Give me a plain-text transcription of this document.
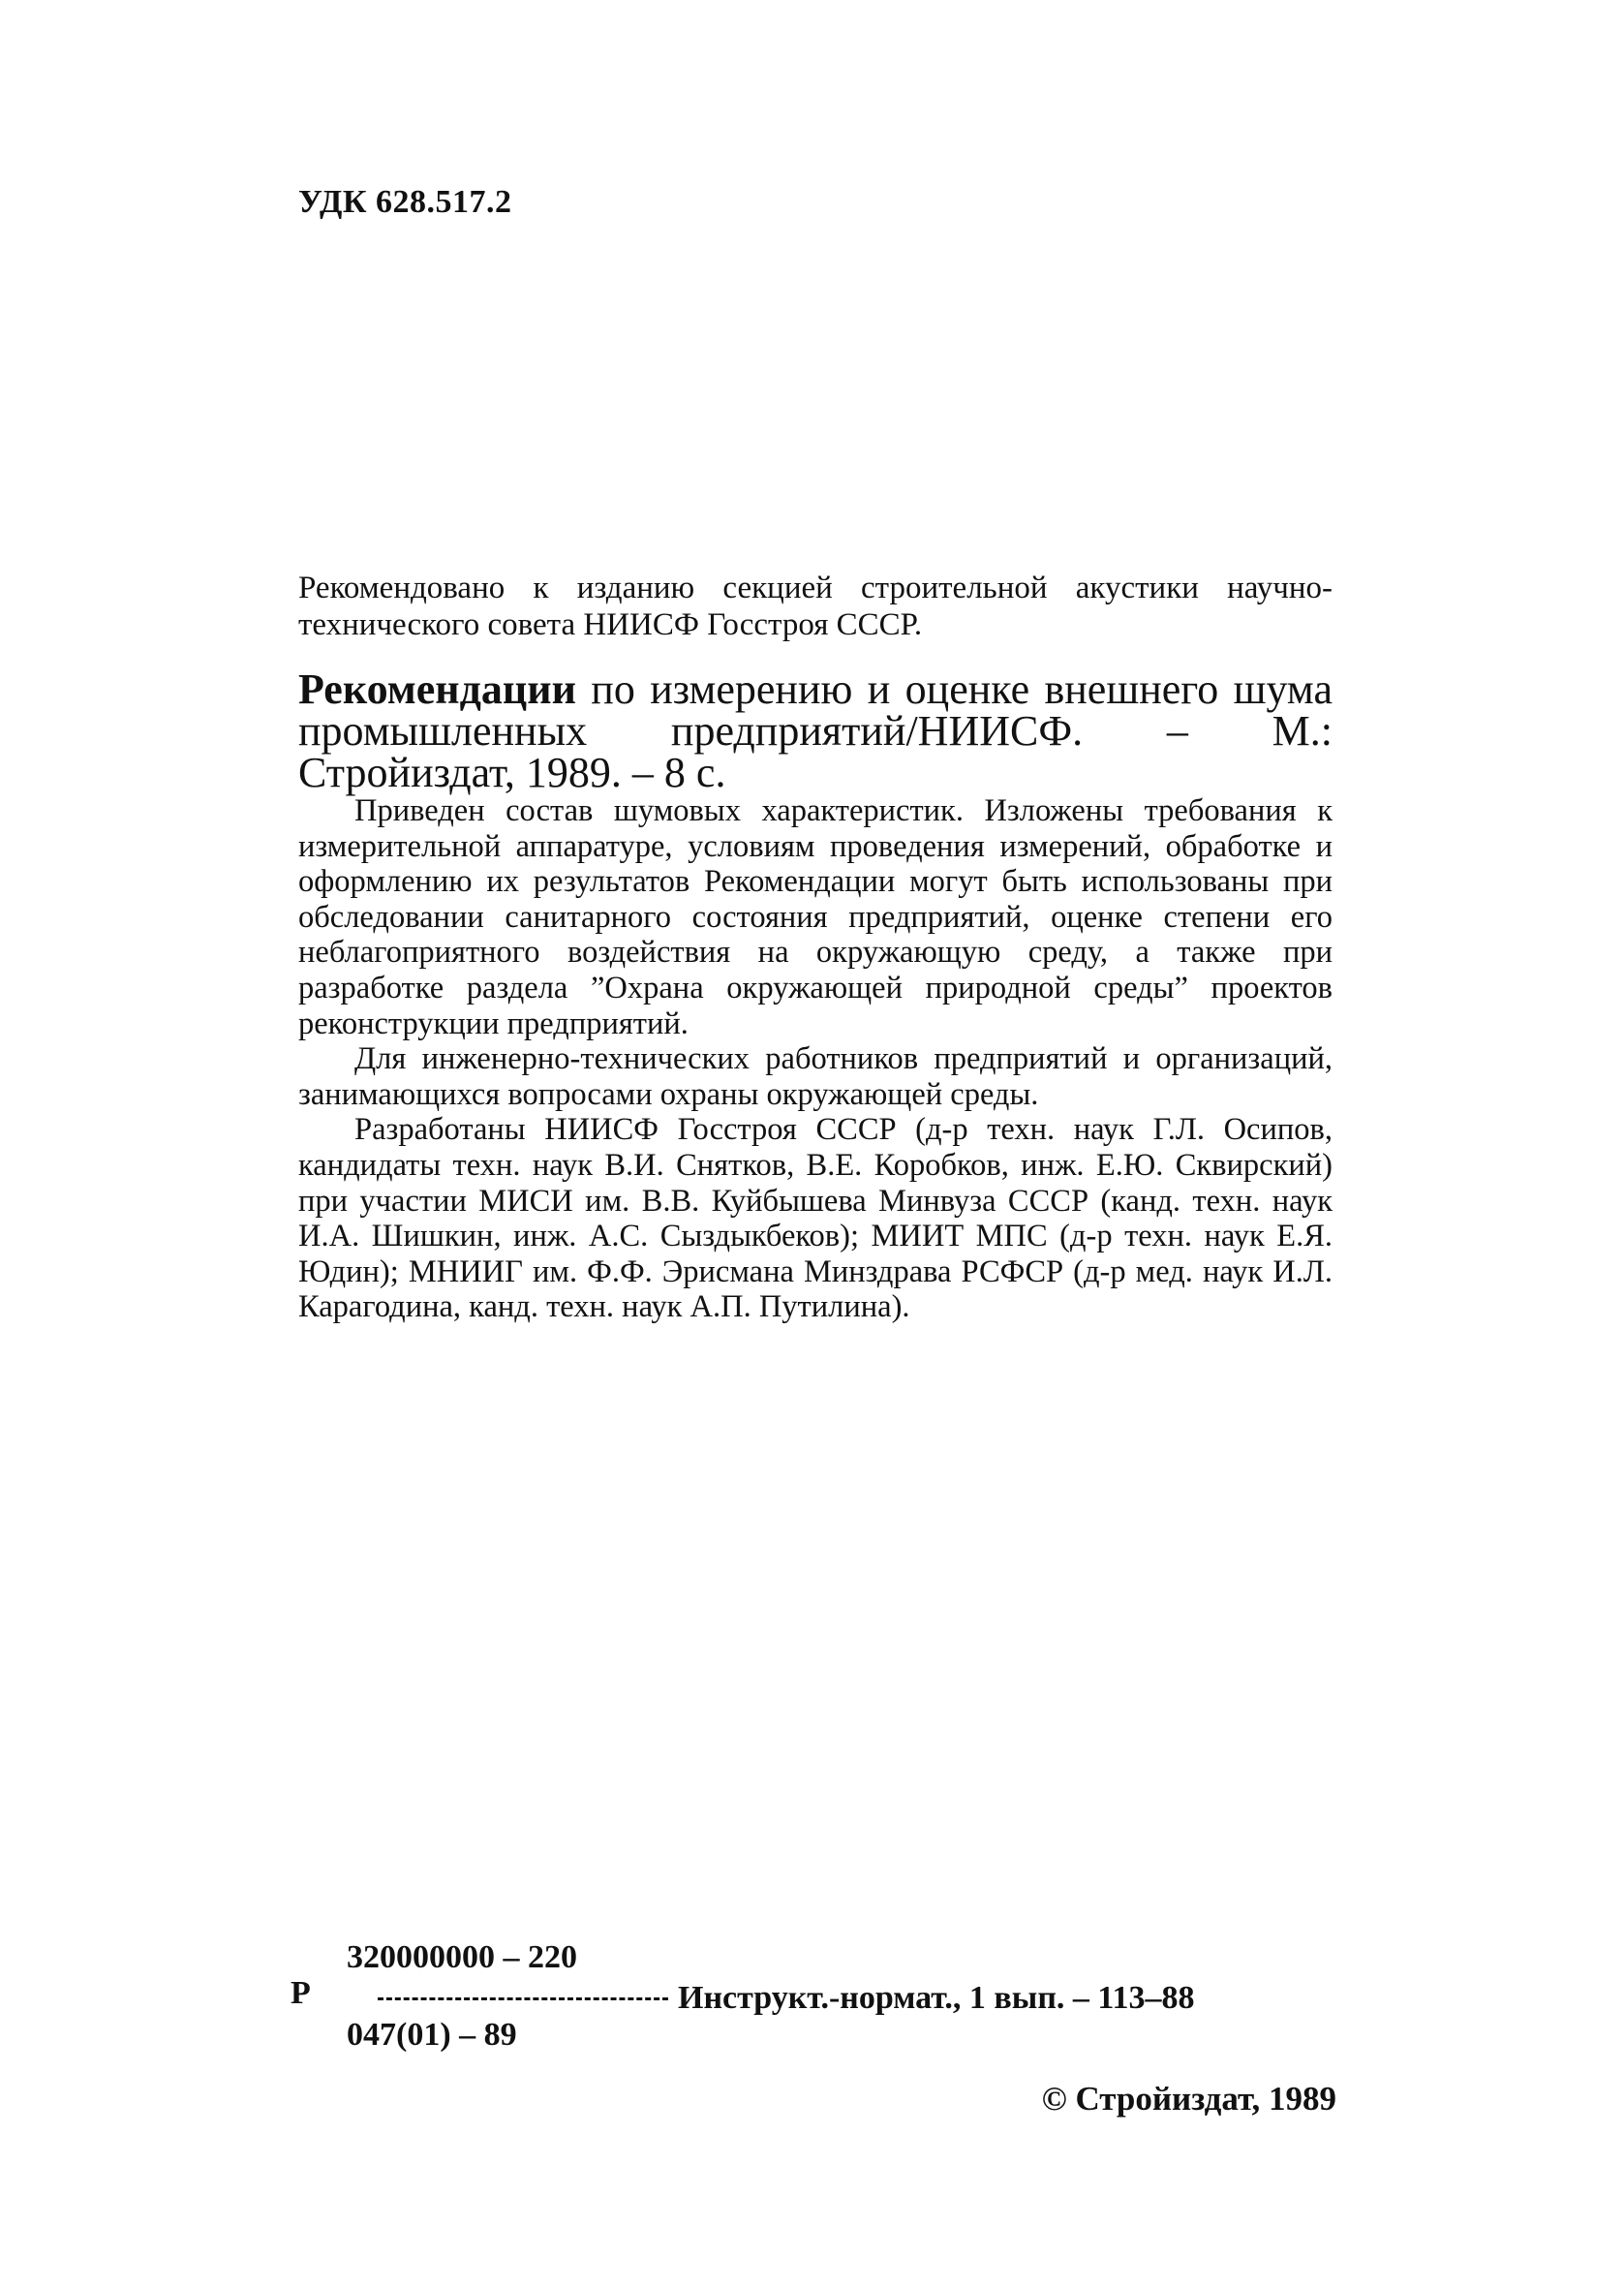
УДК 628.517.2
Рекомендовано к изданию секцией строительной акустики научно-технического совета НИИСФ Госстроя СССР.

Рекомендации по измерению и оценке внешнего шума промышленных предприятий/НИИСФ. – М.: Стройиздат, 1989. – 8 с.

Приведен состав шумовых характеристик. Изложены требования к измерительной аппаратуре, условиям проведения измерений, обработке и оформлению их результатов Рекомендации могут быть использованы при обследовании санитарного состояния предприятий, оценке степени его неблагоприятного воздействия на окружающую среду, а также при разработке раздела ”Охрана окружающей природной среды” проектов реконструкции предприятий.

Для инженерно-технических работников предприятий и организаций, занимающихся вопросами охраны окружающей среды.

Разработаны НИИСФ Госстроя СССР (д-р техн. наук Г.Л. Осипов, кандидаты техн. наук В.И. Снятков, В.Е. Коробков, инж. Е.Ю. Сквирский) при участии МИСИ им. В.В. Куйбышева Минвуза СССР (канд. техн. наук И.А. Шишкин, инж. А.С. Сыздыкбеков); МИИТ МПС (д-р техн. наук Е.Я. Юдин); МНИИГ им. Ф.Ф. Эрисмана Минздрава РСФСР (д-р мед. наук И.Л. Карагодина, канд. техн. наук А.П. Путилина).

320000000 – 220
Р	Инструкт.-нормат., 1 вып. – 113–88
047(01) – 89
© Стройиздат, 1989
